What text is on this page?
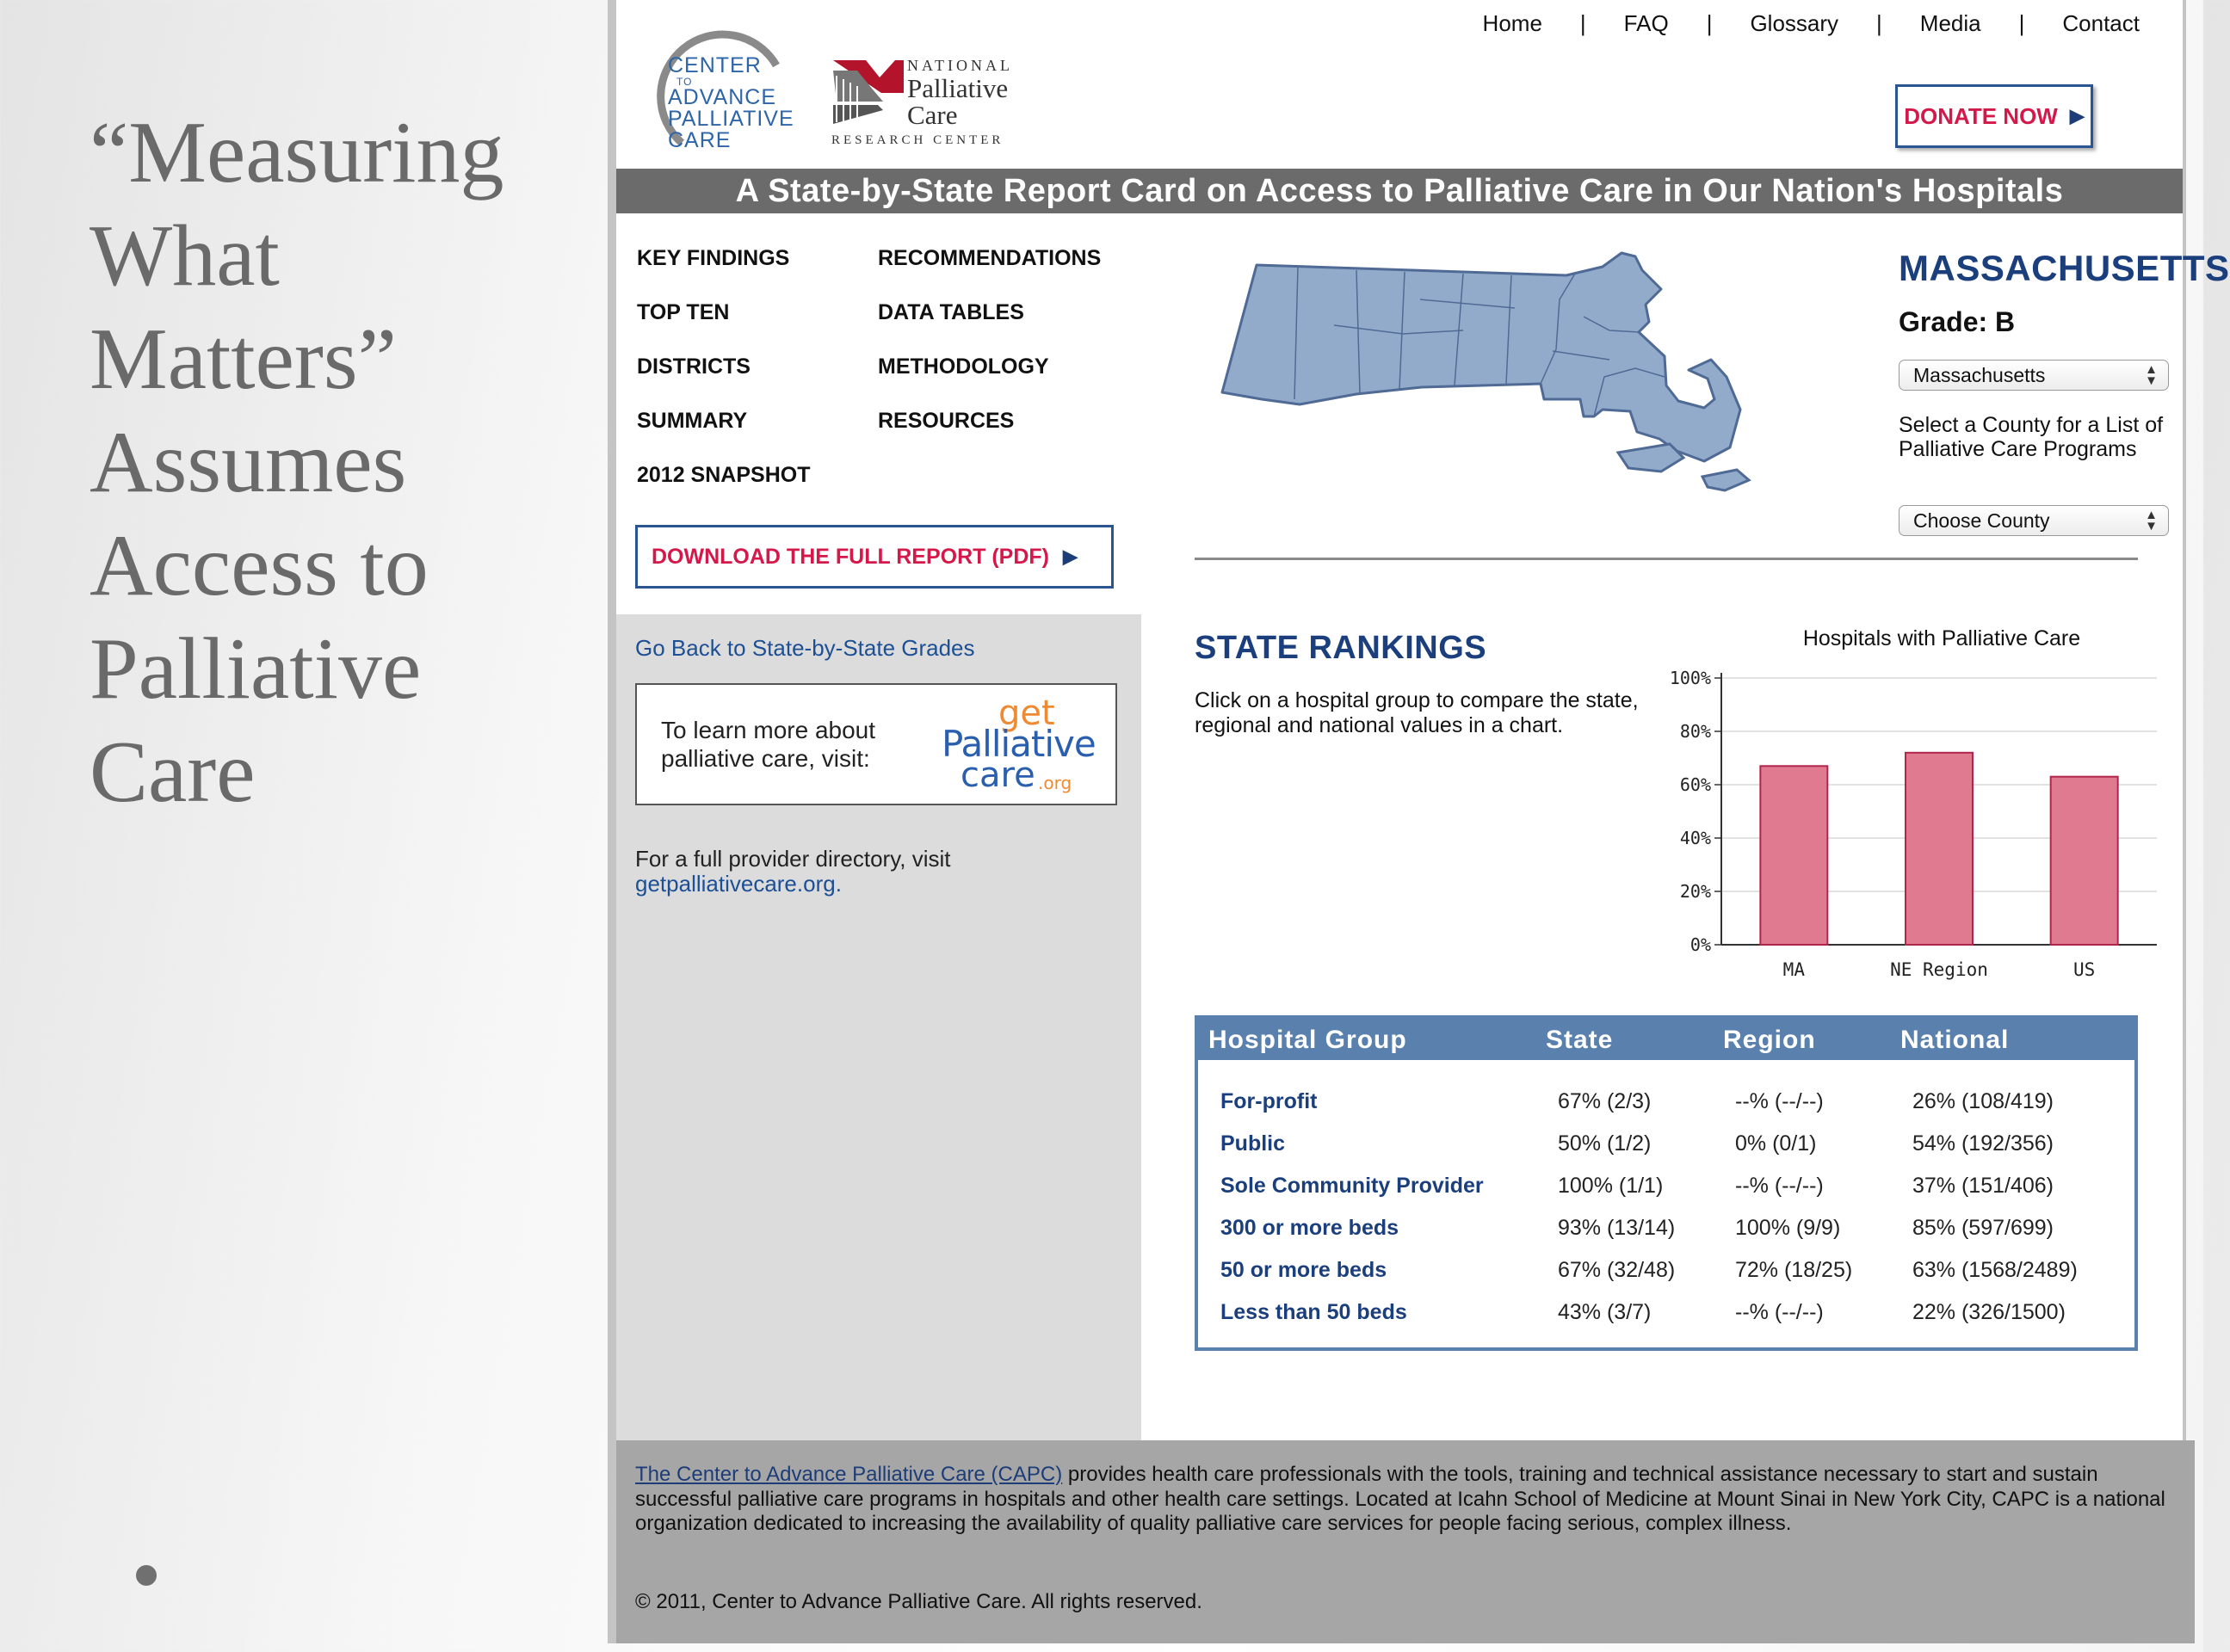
“Measuring
What
Matters”
Assumes
Access to
Palliative
Care
CENTER
TO
ADVANCE
PALLIATIVE
CARE
NATIONAL
Palliative
Care
RESEARCH CENTER
Home | FAQ | Glossary | Media | Contact
DONATE NOW ▶
A State-by-State Report Card on Access to Palliative Care in Our Nation's Hospitals
KEY FINDINGS
TOP TEN
DISTRICTS
SUMMARY
2012 SNAPSHOT
RECOMMENDATIONS
DATA TABLES
METHODOLOGY
RESOURCES
DOWNLOAD THE FULL REPORT (PDF) ▶
Go Back to State-by-State Grades
To learn more about palliative care, visit:
get
Palliative
care .org
For a full provider directory, visit
getpalliativecare.org.
MASSACHUSETTS
Grade: B
Massachusetts	▲
▼
Select a County for a List of Palliative Care Programs
Choose County	▲
▼
STATE RANKINGS
Click on a hospital group to compare the state, regional and national values in a chart.
Hospitals with Palliative Care
0%
20%
40%
60%
80%
100%
MA	NE Region	US
Hospital Group	State	Region	National
For-profit	67% (2/3)	--% (--/--)	26% (108/419)
Public	50% (1/2)	0% (0/1)	54% (192/356)
Sole Community Provider	100% (1/1)	--% (--/--)	37% (151/406)
300 or more beds	93% (13/14)	100% (9/9)	85% (597/699)
50 or more beds	67% (32/48)	72% (18/25)	63% (1568/2489)
Less than 50 beds	43% (3/7)	--% (--/--)	22% (326/1500)
The Center to Advance Palliative Care (CAPC) provides health care professionals with the tools, training and technical assistance necessary to start and sustain successful palliative care programs in hospitals and other health care settings. Located at Icahn School of Medicine at Mount Sinai in New York City, CAPC is a national organization dedicated to increasing the availability of quality palliative care services for people facing serious, complex illness.
© 2011, Center to Advance Palliative Care. All rights reserved.
